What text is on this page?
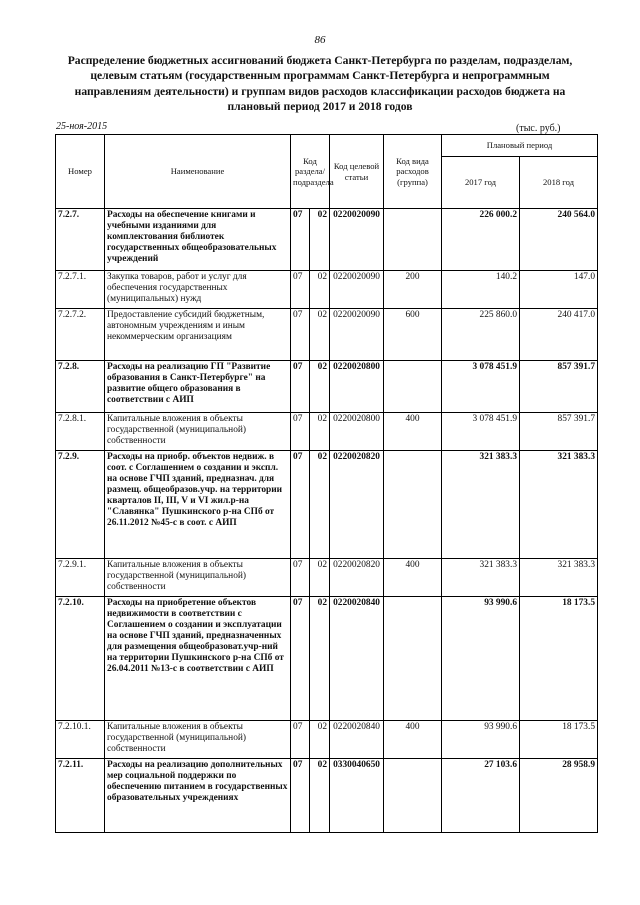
86
Распределение бюджетных ассигнований бюджета Санкт-Петербурга по разделам, подразделам, целевым статьям (государственным программам Санкт-Петербурга и непрограммным направлениям деятельности) и группам видов расходов классификации расходов бюджета на плановый период 2017 и 2018 годов
25-ноя-2015	(тыс. руб.)
Номер	Наименование	Код раздела/ подраздела		Код целевой статьи	Код вида расходов (группа)	Плановый период	
						2017 год	2018 год
7.2.7.	Расходы на обеспечение книгами и учебными изданиями для комплектования библиотек государственных общеобразовательных учреждений	07	02	0220020090		226 000.2	240 564.0
7.2.7.1.	Закупка товаров, работ и услуг для обеспечения государственных (муниципальных) нужд	07	02	0220020090	200	140.2	147.0
7.2.7.2.	Предоставление субсидий бюджетным, автономным учреждениям и иным некоммерческим организациям	07	02	0220020090	600	225 860.0	240 417.0
7.2.8.	Расходы на реализацию ГП "Развитие образования в Санкт-Петербурге" на развитие общего образования в соответствии с АИП	07	02	0220020800		3 078 451.9	857 391.7
7.2.8.1.	Капитальные вложения в объекты государственной (муниципальной) собственности	07	02	0220020800	400	3 078 451.9	857 391.7
7.2.9.	Расходы на приобр. объектов недвиж. в соот. с Соглашением о создании и экспл. на основе ГЧП зданий, предназнач. для размещ. общеобразов.учр. на территории кварталов II, III, V и VI жил.р-на "Славянка" Пушкинского р-на СПб от 26.11.2012 №45-с в соот. с АИП	07	02	0220020820		321 383.3	321 383.3
7.2.9.1.	Капитальные вложения в объекты государственной (муниципальной) собственности	07	02	0220020820	400	321 383.3	321 383.3
7.2.10.	Расходы на приобретение объектов недвижимости в соответствии с Соглашением о создании и эксплуатации на основе ГЧП зданий, предназначенных для размещения общеобразоват.учр-ний на территории Пушкинского р-на СПб от 26.04.2011 №13-с в соответствии с АИП	07	02	0220020840		93 990.6	18 173.5
7.2.10.1.	Капитальные вложения в объекты государственной (муниципальной) собственности	07	02	0220020840	400	93 990.6	18 173.5
7.2.11.	Расходы на реализацию дополнительных мер социальной поддержки по обеспечению питанием в государственных образовательных учреждениях	07	02	0330040650		27 103.6	28 958.9
